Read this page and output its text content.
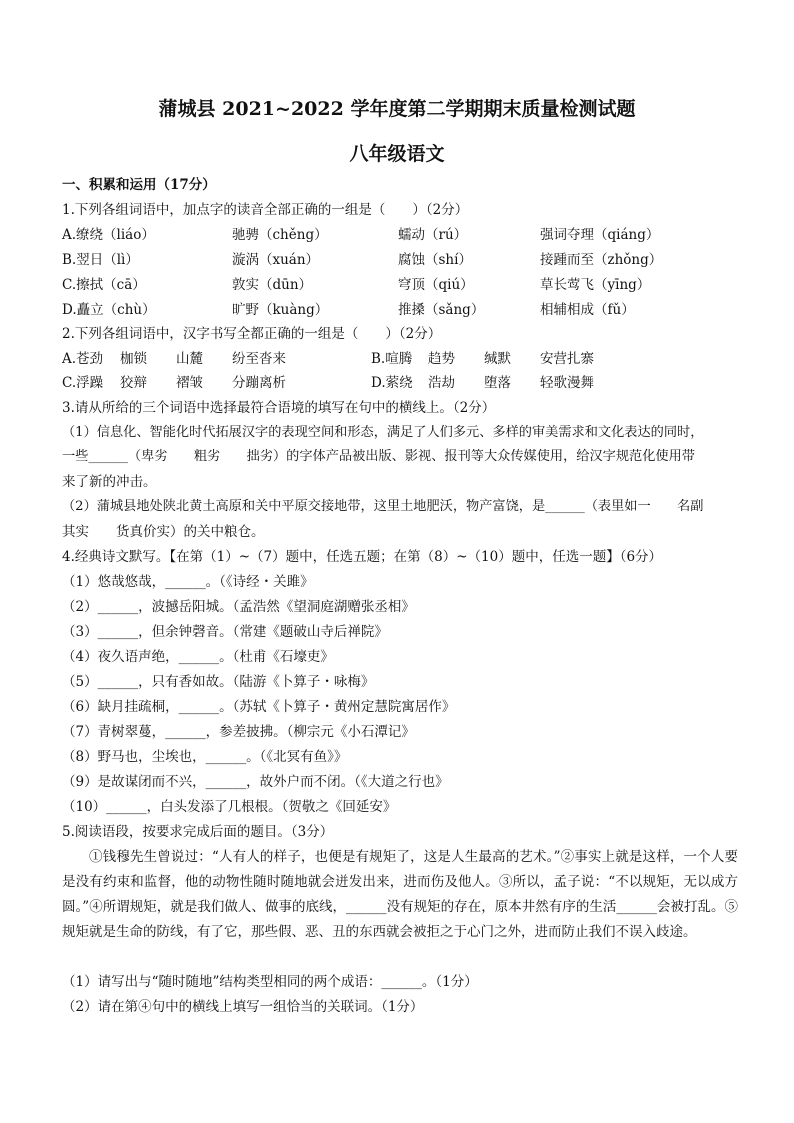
蒲城县 2021~2022 学年度第二学期期末质量检测试题
八年级语文
一、积累和运用（17分）
1.下列各组词语中，加点字的读音全部正确的一组是（　　）（2分）
A.缭绕（liáo）	驰骋（chěng）	蠕动（rú）	强词夺理（qiáng）
B.翌日（lì）	漩涡（xuán）	腐蚀（shí）	接踵而至（zhǒng）
C.擦拭（cā）	敦实（dūn）	穹顶（qiú）	草长莺飞（yīng）
D.矗立（chù）	旷野（kuàng）	推搡（sǎng）	相辅相成（fǔ）
2.下列各组词语中，汉字书写全都正确的一组是（　　）（2分）
A.苍劲 枷锁 山麓 纷至沓来	B.喧腾 趋势 缄默 安营扎寨
C.浮躁 狡辩 褶皱 分蹦离析	D.萦绕 浩劫 堕落 轻歌漫舞
3.请从所给的三个词语中选择最符合语境的填写在句中的横线上。（2分）
（1）信息化、智能化时代拓展汉字的表现空间和形态，满足了人们多元、多样的审美需求和文化表达的同时，
一些______（卑劣　　粗劣　　拙劣）的字体产品被出版、影视、报刊等大众传媒使用，给汉字规范化使用带
来了新的冲击。
（2）蒲城县地处陕北黄土高原和关中平原交接地带，这里土地肥沃，物产富饶，是______（表里如一　　名副
其实　　货真价实）的关中粮仓。
4.经典诗文默写。【在第（1）~（7）题中，任选五题；在第（8）~（10）题中，任选一题】（6分）
（1）悠哉悠哉，______。（《诗经・关雎》
（2）______，波撼岳阳城。（孟浩然《望洞庭湖赠张丞相》
（3）______，但余钟磬音。（常建《题破山寺后禅院》
（4）夜久语声绝，______。（杜甫《石壕吏》
（5）______，只有香如故。（陆游《卜算子・咏梅》
（6）缺月挂疏桐，______。（苏轼《卜算子・黄州定慧院寓居作》
（7）青树翠蔓，______，参差披拂。（柳宗元《小石潭记》
（8）野马也，尘埃也，______。（《北冥有鱼》》
（9）是故谋闭而不兴，______，故外户而不闭。（《大道之行也》
（10）______，白头发添了几根根。（贺敬之《回延安》
5.阅读语段，按要求完成后面的题目。（3分）
①钱穆先生曾说过：“人有人的样子，也便是有规矩了，这是人生最高的艺术。”②事实上就是这样，一个人要是没有约束和监督，他的动物性随时随地就会迸发出来，进而伤及他人。③所以，孟子说：“不以规矩，无以成方圆。”④所谓规矩，就是我们做人、做事的底线，______没有规矩的存在，原本井然有序的生活______会被打乱。⑤规矩就是生命的防线，有了它，那些假、恶、丑的东西就会被拒之于心门之外，进而防止我们不误入歧途。
（1）请写出与“随时随地”结构类型相同的两个成语：______。（1分）
（2）请在第④句中的横线上填写一组恰当的关联词。（1分）
